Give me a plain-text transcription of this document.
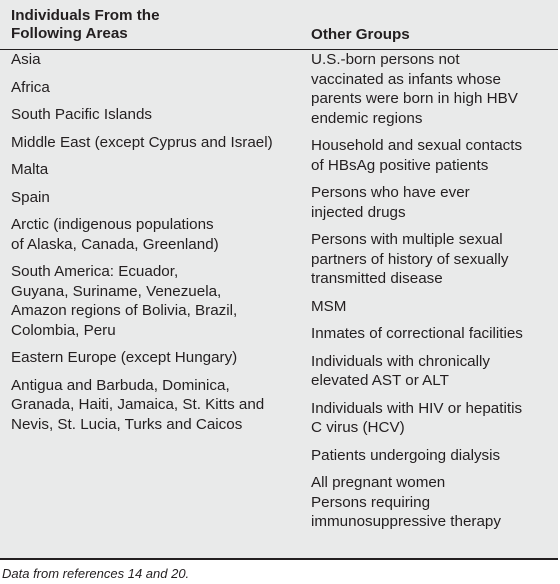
Individuals From the
Following Areas
Asia
Africa
South Pacific Islands
Middle East (except Cyprus and Israel)
Malta
Spain
Arctic (indigenous populations
of Alaska, Canada, Greenland)
South America: Ecuador,
Guyana, Suriname, Venezuela,
Amazon regions of Bolivia, Brazil,
Colombia, Peru
Eastern Europe (except Hungary)
Antigua and Barbuda, Dominica,
Granada, Haiti, Jamaica, St. Kitts and
Nevis, St. Lucia, Turks and Caicos
Other Groups
U.S.-born persons not
vaccinated as infants whose
parents were born in high HBV
endemic regions
Household and sexual contacts
of HBsAg positive patients
Persons who have ever
injected drugs
Persons with multiple sexual
partners of history of sexually
transmitted disease
MSM
Inmates of correctional facilities
Individuals with chronically
elevated AST or ALT
Individuals with HIV or hepatitis
C virus (HCV)
Patients undergoing dialysis
All pregnant women
Persons requiring
immunosuppressive therapy
Data from references 14 and 20.
